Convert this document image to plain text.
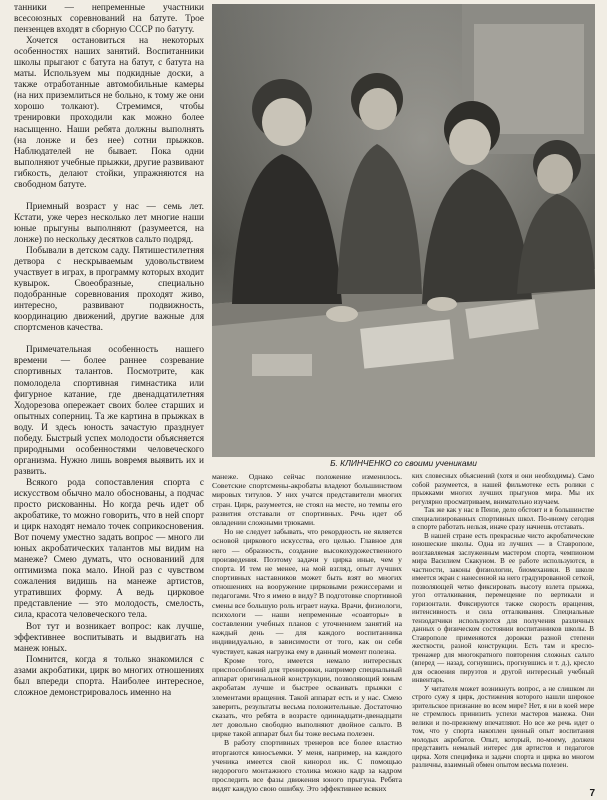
танники — непременные участники всесоюзных соревнований на батуте. Трое пензенцев входят в сборную СССР по батуту.

Хочется остановиться на некоторых особенностях наших занятий. Воспитанники школы прыгают с батута на батут, с батута на маты. Используем мы подкидные доски, а также отработанные автомобильные камеры (на них приземлиться не больно, к тому же они хорошо толкают). Стремимся, чтобы тренировки проходили как можно более насыщенно. Наши ребята должны выполнять (на лонже и без нее) сотни прыжков. Наблюдателей не бывает. Пока одни выполняют учебные прыжки, другие развивают гибкость, делают стойки, упражняются на свободном батуте.

Приемный возраст у нас — семь лет. Кстати, уже через несколько лет многие наши юные прыгуны выполняют (разумеется, на лонже) по нескольку десятков сальто подряд.

Побывали в детском саду. Пятишестилетняя детвора с нескрываемым удовольствием участвует в играх, в программу которых входит кувырок. Своеобразные, специально подобранные соревнования проходят живо, интересно, развивают подвижность, координацию движений, другие важные для спортсменов качества.

Примечательная особенность нашего времени — более раннее созревание спортивных талантов. Посмотрите, как помолодела спортивная гимнастика или фигурное катание, где двенадцатилетняя Ходорезова опережает своих более старших и опытных соперниц. Та же картина в прыжках в воду. И здесь юность зачастую празднует победу. Быстрый успех молодости объясняется природными особенностями человеческого организма. Нужно лишь вовремя выявить их и развить.

Всякого рода сопоставления спорта с искусством обычно мало обоснованы, а подчас просто рискованны. Но когда речь идет об акробатике, то можно говорить, что в ней спорт и цирк находят немало точек соприкосновения. Вот почему уместно задать вопрос — много ли юных акробатических талантов мы видим на манеже? Смею думать, что основаниий для оптимизма пока мало. Иной раз с чувством сожаления видишь на манеже артистов, утративших форму. А ведь цирковое представление — это молодость, смелость, сила, красота человеческого тела.

Вот тут и возникает вопрос: как лучше, эффективнее воспитывать и выдвигать на манеж юных.

Помнится, когда я только знакомился с азами акробатики, цирк во многих отношениях был впереди спорта. Наиболее интересное, сложное демонстрировалось именно на

Б. КЛИНЧЕНКО со своими учениками

манеже. Однако сейчас положение изменилось. Советские спортсмены-акробаты владеют большинством мировых титулов. У них учатся представители многих стран. Цирк, разумеется, не стоял на месте, но темпы его развития отставали от спортивных. Речь идет об овладении сложными трюками.

Но не следует забывать, что рекордность не является основой циркового искусства, его целью. Главное для него — образность, создание высокохудожественного произведения. Поэтому задачи у цирка иные, чем у спорта. И тем не менее, на мой взгляд, опыт лучших спортивных наставников может быть взят во многих отношениях на вооружение цирковыми режиссерами и педагогами. Что я имею в виду? В подготовке спортивной смены все большую роль играет наука. Врачи, физиологи, психологи — наши непременные «соавторы» в составлении учебных планов с уточнением занятий на каждый день — для каждого воспитанника индивидуально, в зависимости от того, как он себя чувствует, какая нагрузка ему в данный момент полезна.

Кроме того, имеется немало интересных приспособлений для тренировки, например специальный аппарат оригинальной конструкции, позволяющий юным акробатам лучше и быстрее осваивать прыжки с элементами вращения. Такой аппарат есть и у нас. Смею заверить, результаты весьма положительные. Достаточно сказать, что ребята в возрасте одиннадцати-двенадцати лет довольно свободно выполняют двойное сальто. В цирке такой аппарат был бы тоже весьма полезен.

В работу спортивных тренеров все более властно вторгаются киносъемки. У меня, например, на каждого ученика имеется свой кинорол ик. С помощью недорогого монтажного столика можно кадр за кадром проследить все фазы движения юного прыгуна. Ребята видят каждую свою ошибку. Это эффективнее всяких

ких словесных объяснений (хотя и они необходимы). Само собой разумеется, в нашей фильмотеке есть ролики с прыжками многих лучших прыгунов мира. Мы их регулярно просматриваем, внимательно изучаем.

Так же как у нас в Пензе, дело обстоит и в большинстве специализированных спортивных школ. По-иному сегодня в спорте работать нельзя, иначе сразу начнешь отставать.

В нашей стране есть прекрасные чисто акробатические юношеские школы. Одна из лучших — в Ставрополе, возглавляемая заслуженным мастером спорта, чемпионом мира Василием Скакуном. В ее работе используются, в частности, законы физиологии, биомеханики. В школе имеется экран с нанесенной на него градуированной сеткой, позволяющей четко фиксировать высоту взлета прыжка, угол отталкивания, перемещение по вертикали и горизонтали. Фиксируются также скорость вращения, интенсивность и сила отталкивания. Специальные тензодатчики используются для получения различных данных о физическом состоянии воспитанников школы. В Ставрополе применяются дорожки разной степени жесткости, разной конструкции. Есть там и кресло-тренажер для многократного повторения сложных сальто (вперед — назад, согнувшись, прогнувшись и т. д.), кресло для освоения пируэтов и другой интересный учебный инвентарь.

У читателя может возникнуть вопрос, а не слишком ли строго сужу я цирк, достижения которого нашли широкое зрительское признание во всем мире? Нет, я ни в коей мере не стремлюсь принизить успехи мастеров манежа. Они велики и по-прежнему впечатляют. Но все же речь идет о том, что у спорта накоплен ценный опыт воспитания молодых акробатов. Опыт, который, по-моему, должен представить немалый интерес для артистов и педагогов цирка. Хотя специфика и задачи спорта и цирка во многом различны, взаимный обмен опытом весьма полезен.

7
